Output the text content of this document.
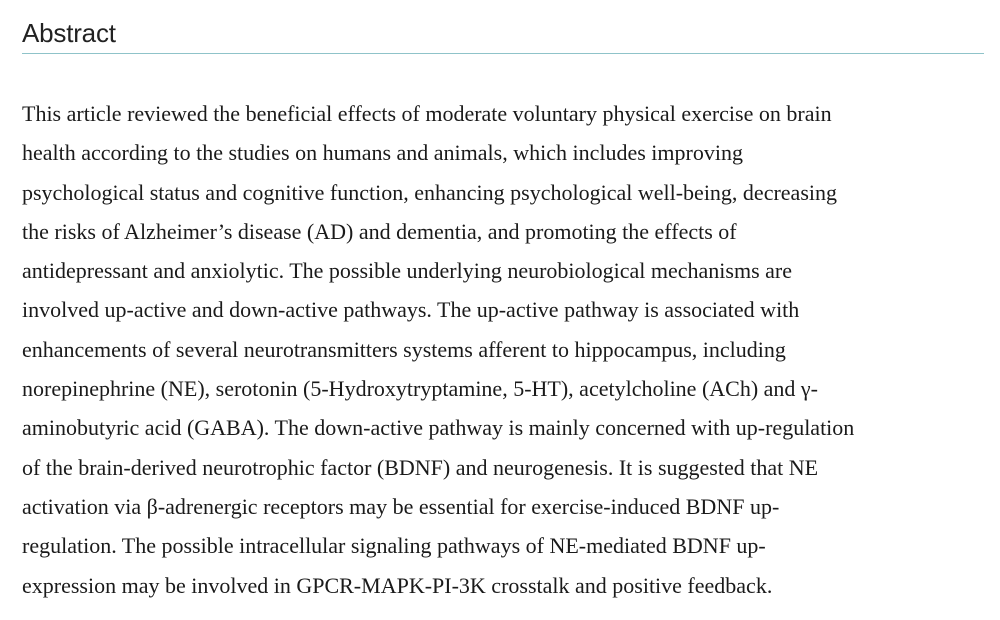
Abstract

This article reviewed the beneficial effects of moderate voluntary physical exercise on brain
health according to the studies on humans and animals, which includes improving
psychological status and cognitive function, enhancing psychological well-being, decreasing
the risks of Alzheimer’s disease (AD) and dementia, and promoting the effects of
antidepressant and anxiolytic. The possible underlying neurobiological mechanisms are
involved up-active and down-active pathways. The up-active pathway is associated with
enhancements of several neurotransmitters systems afferent to hippocampus, including
norepinephrine (NE), serotonin (5-Hydroxytryptamine, 5-HT), acetylcholine (ACh) and γ-
aminobutyric acid (GABA). The down-active pathway is mainly concerned with up-regulation
of the brain-derived neurotrophic factor (BDNF) and neurogenesis. It is suggested that NE
activation via β-adrenergic receptors may be essential for exercise-induced BDNF up-
regulation. The possible intracellular signaling pathways of NE-mediated BDNF up-
expression may be involved in GPCR-MAPK-PI-3K crosstalk and positive feedback.
